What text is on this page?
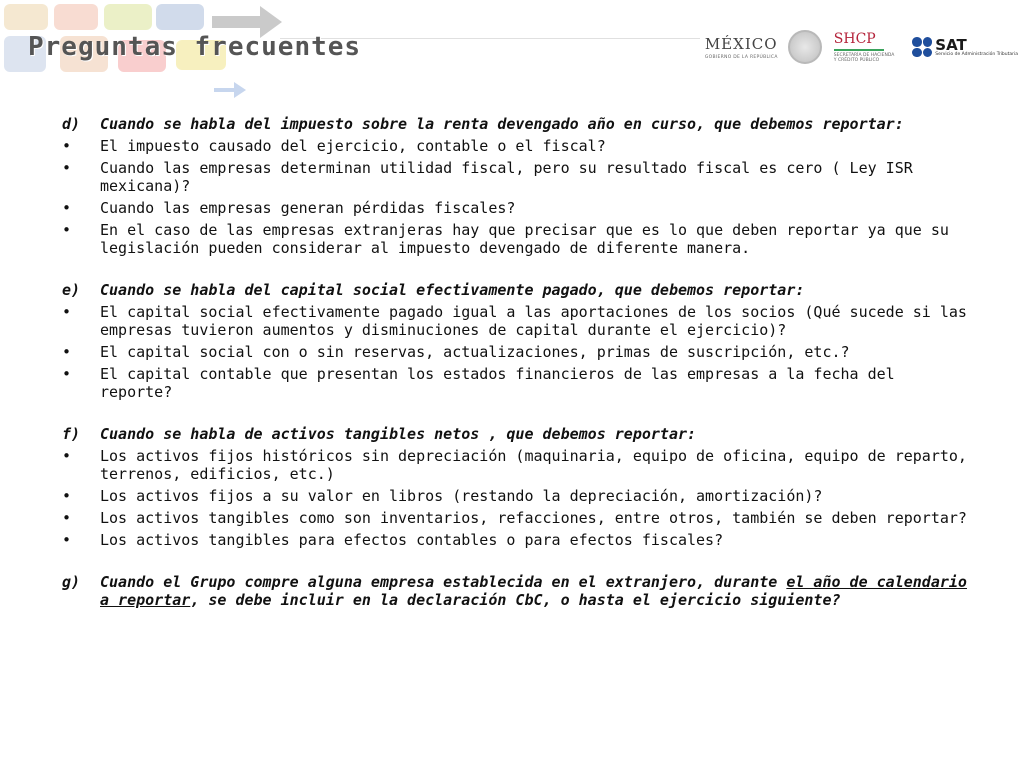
Preguntas frecuentes	MÉXICO
GOBIERNO DE LA REPÚBLICA
SHCP
SECRETARÍA DE HACIENDA
Y CRÉDITO PÚBLICO
SAT
Servicio de Administración Tributaria
d)	Cuando se habla del impuesto sobre la renta devengado año en curso, que debemos reportar:
•	El impuesto causado del ejercicio, contable o el fiscal?
•	Cuando las empresas determinan utilidad fiscal, pero su resultado fiscal es cero ( Ley ISR mexicana)?
•	Cuando las empresas generan pérdidas fiscales?
•	En el caso de las empresas extranjeras hay que precisar que es lo que deben reportar ya que su legislación pueden considerar al impuesto devengado de diferente manera.
e)	Cuando se habla del capital social efectivamente pagado, que debemos reportar:
•	El capital social efectivamente pagado igual a las aportaciones de los socios (Qué sucede si las empresas tuvieron aumentos y disminuciones de capital durante el ejercicio)?
•	El capital social con o sin reservas, actualizaciones, primas de suscripción, etc.?
•	El capital contable que presentan los estados financieros de las empresas a la fecha del reporte?
f)	Cuando se habla de activos tangibles netos , que debemos reportar:
•	Los activos fijos históricos sin depreciación (maquinaria, equipo de oficina, equipo de reparto, terrenos, edificios, etc.)
•	Los activos fijos a su valor en libros (restando la depreciación, amortización)?
•	Los activos tangibles como son inventarios, refacciones, entre otros, también se deben reportar?
•	Los activos tangibles para efectos contables o para efectos fiscales?
g)	Cuando el Grupo compre alguna empresa establecida en el extranjero, durante el año de calendario a reportar, se debe incluir en la declaración CbC, o hasta el ejercicio siguiente?
